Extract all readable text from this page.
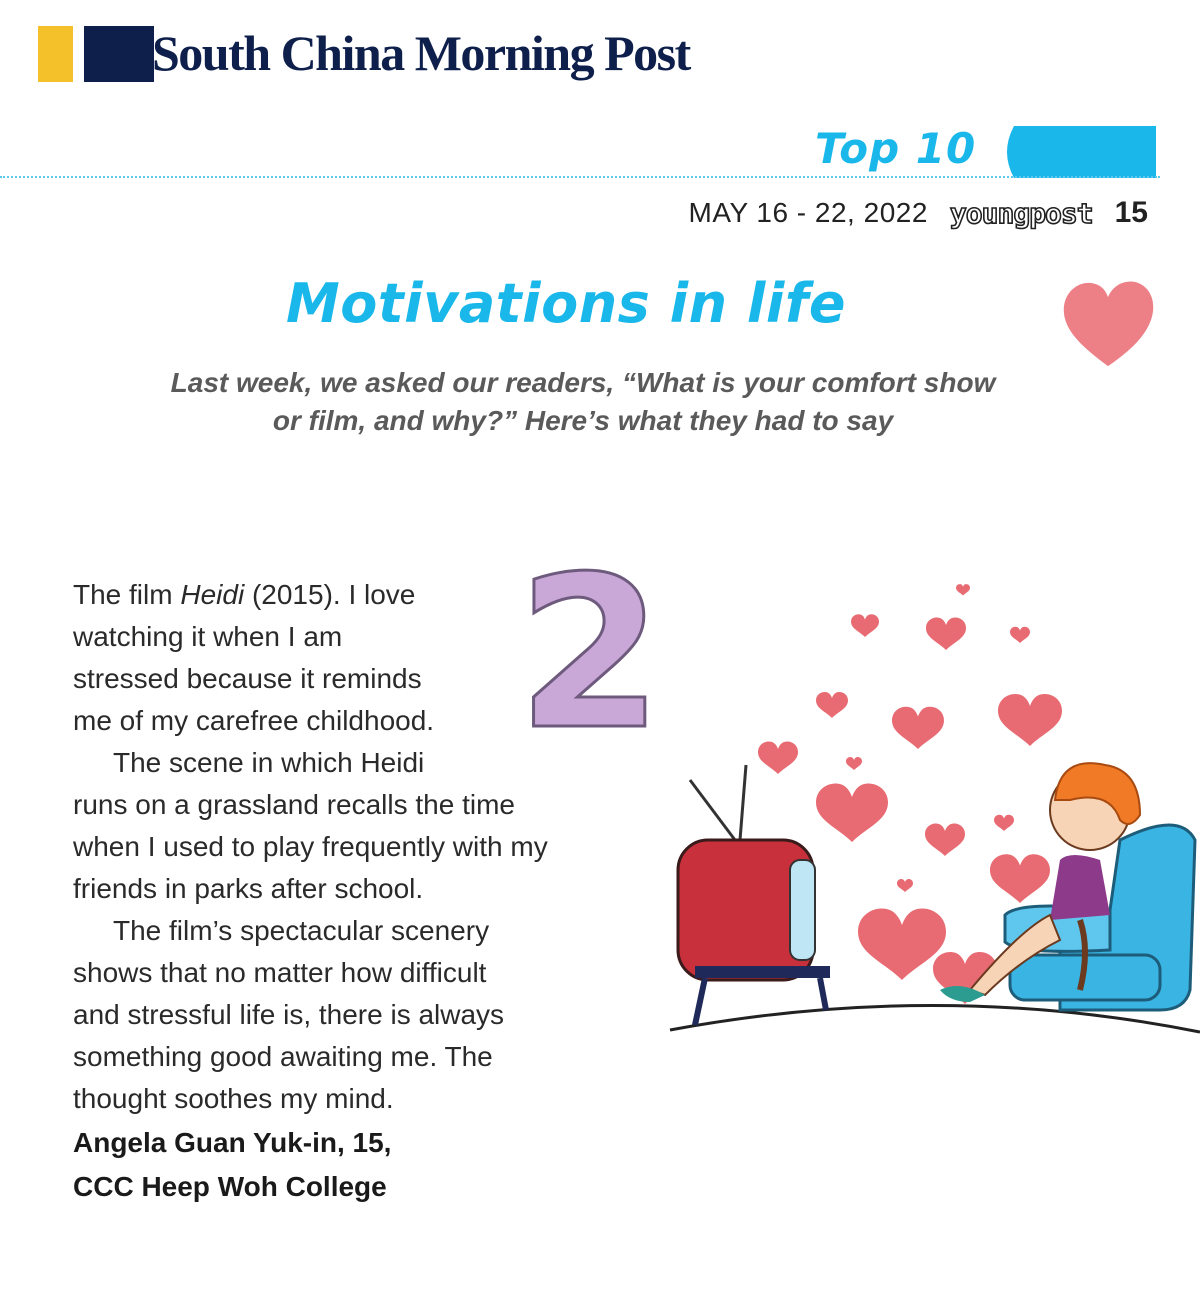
South China Morning Post
Top 10
MAY 16 - 22, 2022 youngpost 15
Motivations in life
Last week, we asked our readers, “What is your comfort show
or film, and why?” Here’s what they had to say
2

The film Heidi (2015). I love
watching it when I am
stressed because it reminds
me of my carefree childhood.

The scene in which Heidi
runs on a grassland recalls the time
when I used to play frequently with my
friends in parks after school.

The film’s spectacular scenery
shows that no matter how difficult
and stressful life is, there is always
something good awaiting me. The
thought soothes my mind.

Angela Guan Yuk-in, 15,
CCC Heep Woh College
